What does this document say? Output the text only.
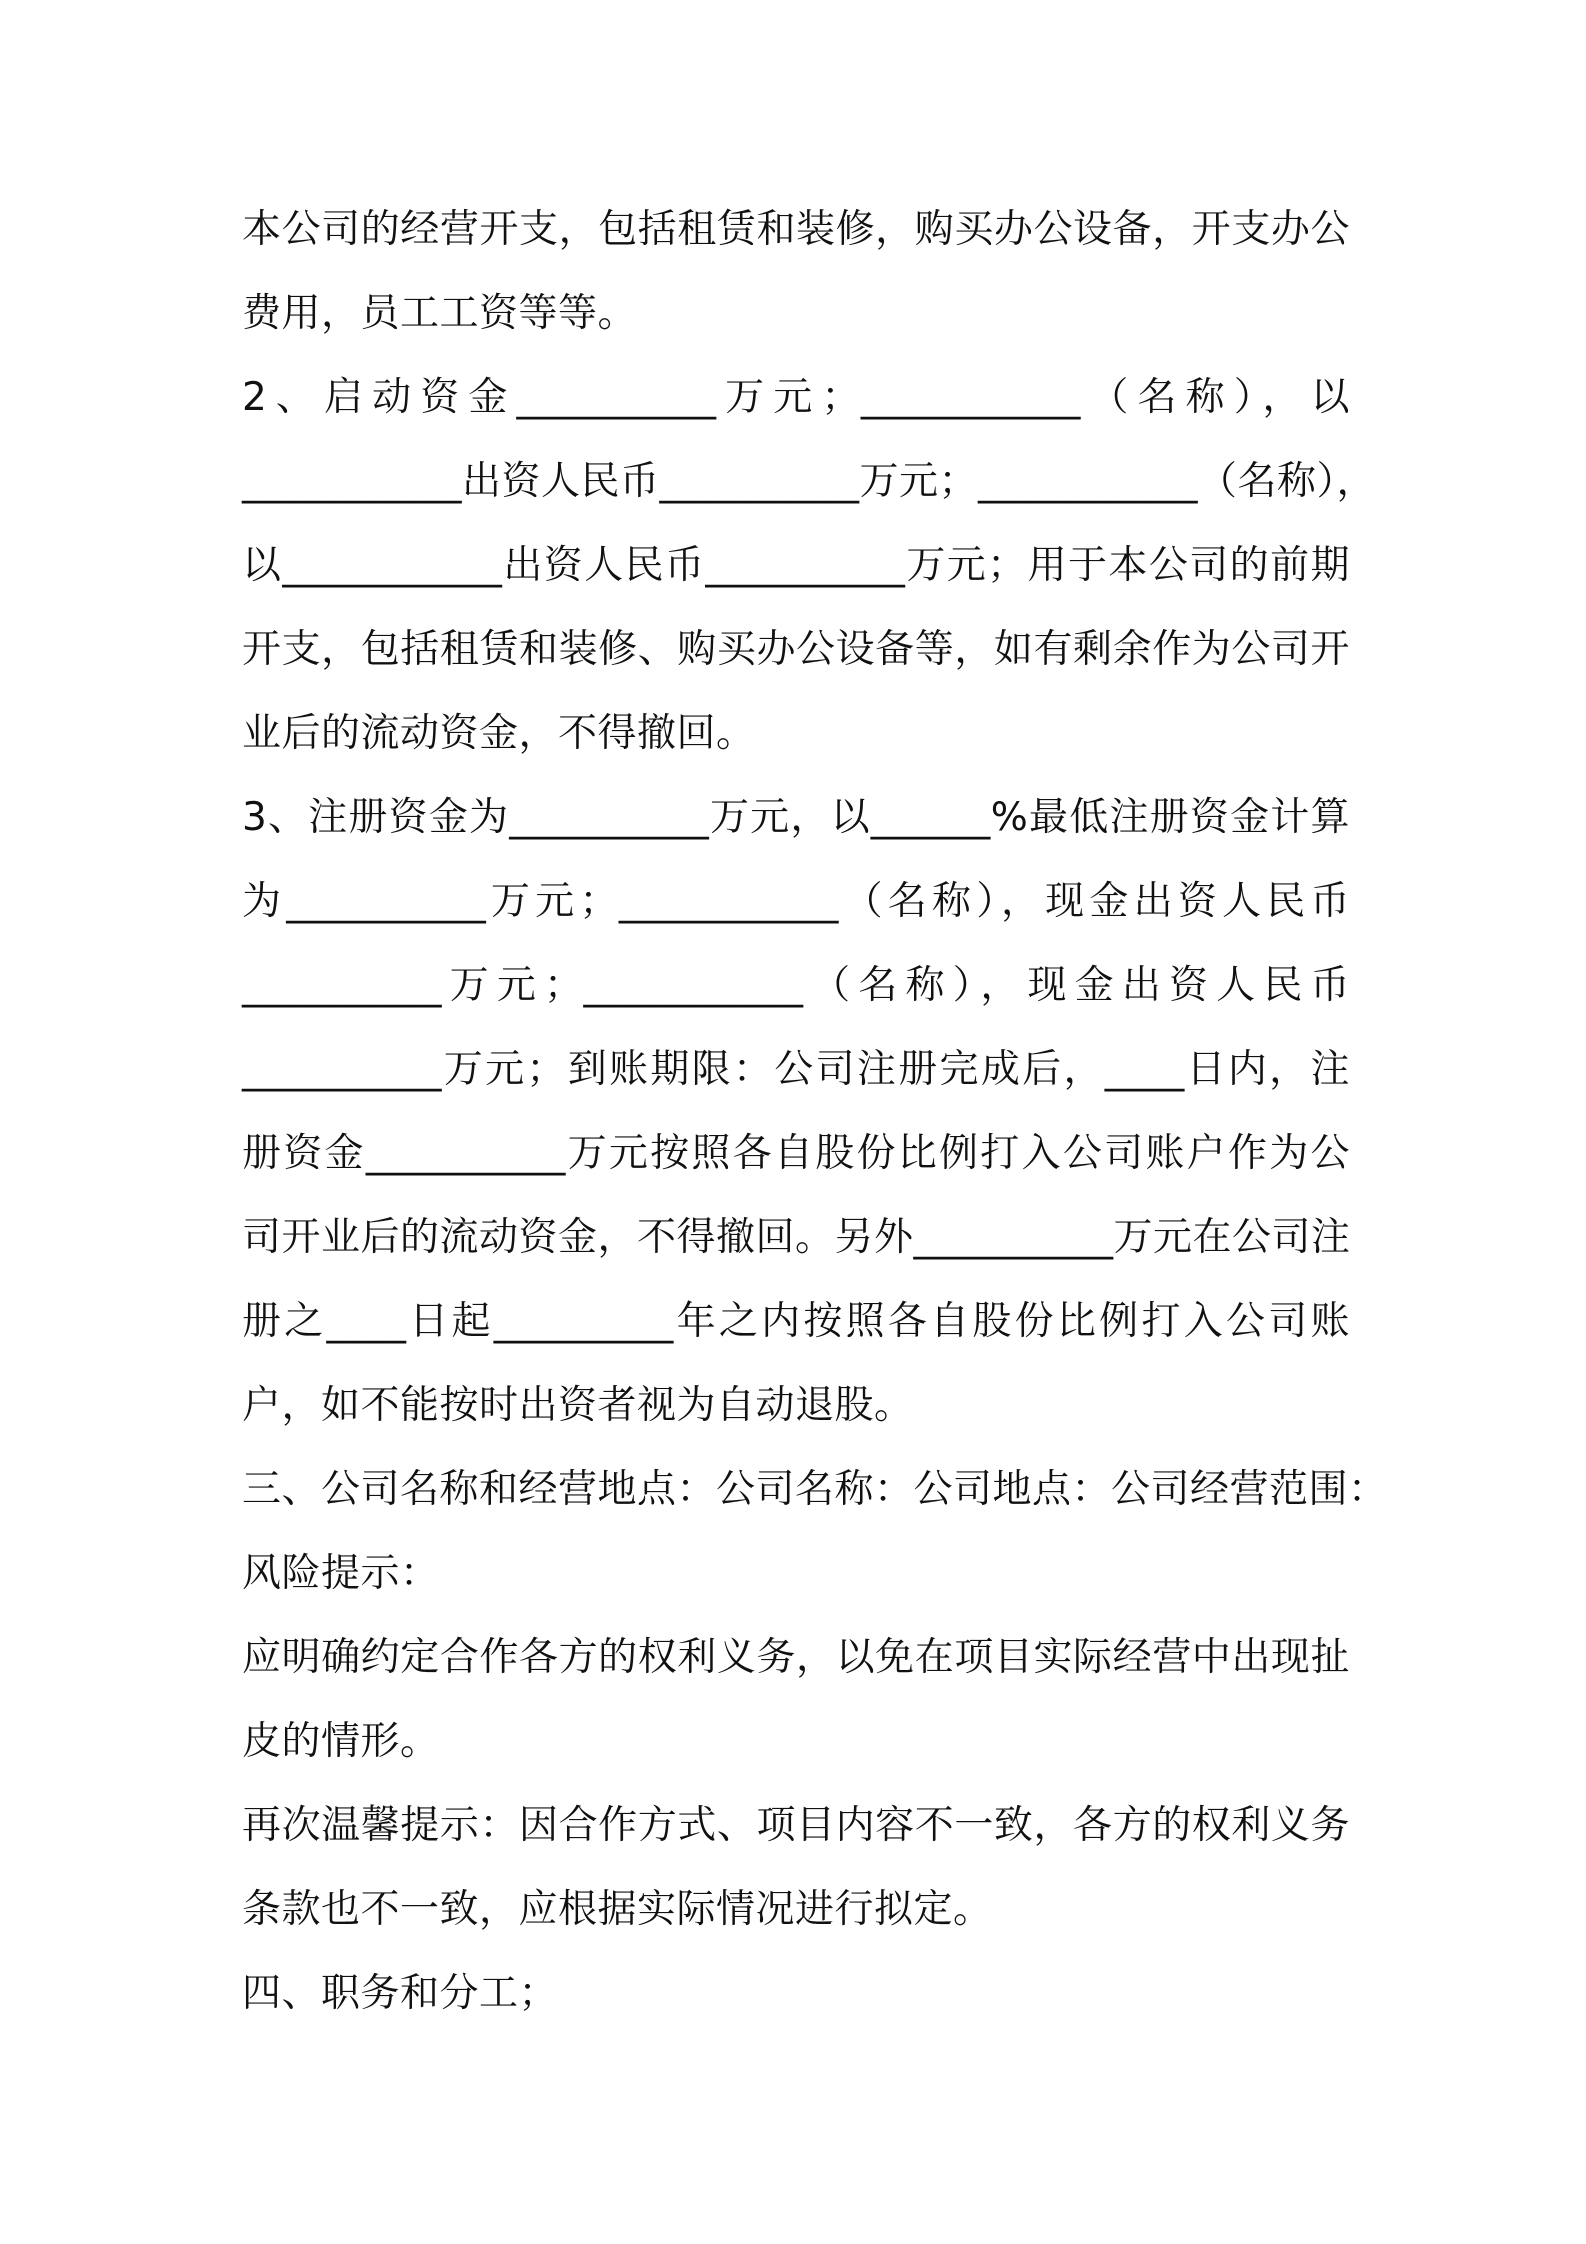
本公司的经营开支，包括租赁和装修，购买办公设备，开支办公
费用，员工工资等等。
2、启动资金__________万元；___________（名称），以
___________出资人民币__________万元；___________（名称），
以___________出资人民币__________万元；用于本公司的前期
开支，包括租赁和装修、购买办公设备等，如有剩余作为公司开
业后的流动资金，不得撤回。
3、注册资金为__________万元，以______%最低注册资金计算
为__________万元；___________（名称），现金出资人民币
__________万元；___________（名称），现金出资人民币
__________万元；到账期限：公司注册完成后，____日内，注
册资金__________万元按照各自股份比例打入公司账户作为公
司开业后的流动资金，不得撤回。另外__________万元在公司注
册之____日起_________年之内按照各自股份比例打入公司账
户，如不能按时出资者视为自动退股。
三、公司名称和经营地点：公司名称：公司地点：公司经营范围：
风险提示：
应明确约定合作各方的权利义务，以免在项目实际经营中出现扯
皮的情形。
再次温馨提示：因合作方式、项目内容不一致，各方的权利义务
条款也不一致，应根据实际情况进行拟定。
四、职务和分工；
